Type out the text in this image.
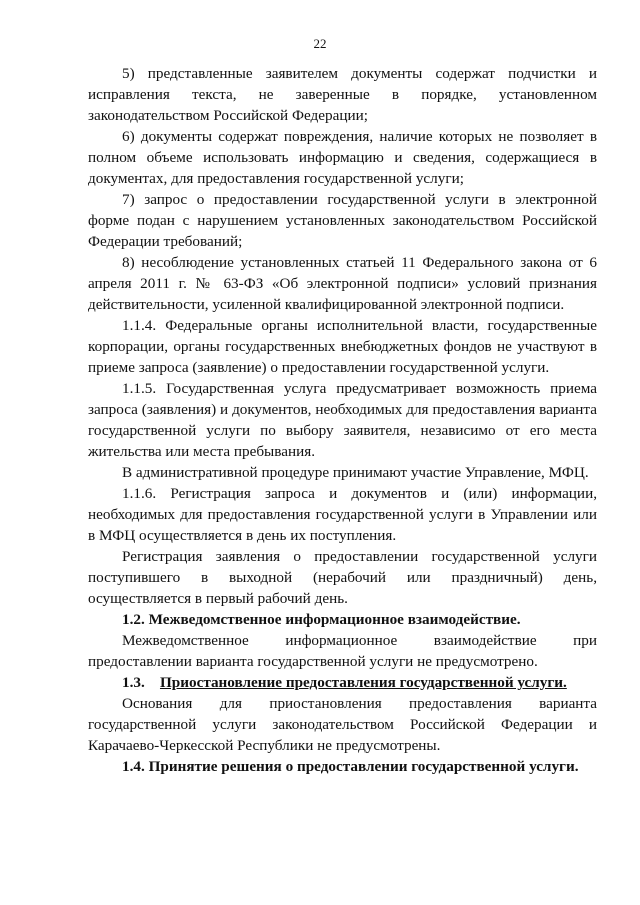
22

5) представленные заявителем документы содержат подчистки и исправления текста, не заверенные в порядке, установленном законодательством Российской Федерации;

6) документы содержат повреждения, наличие которых не позволяет в полном объеме использовать информацию и сведения, содержащиеся в документах, для предоставления государственной услуги;

7) запрос о предоставлении государственной услуги в электронной форме подан с нарушением установленных законодательством Российской Федерации требований;

8) несоблюдение установленных статьей 11 Федерального закона от 6 апреля 2011 г. № 63-ФЗ «Об электронной подписи» условий признания действительности, усиленной квалифицированной электронной подписи.

1.1.4. Федеральные органы исполнительной власти, государственные корпорации, органы государственных внебюджетных фондов не участвуют в приеме запроса (заявление) о предоставлении государственной услуги.

1.1.5. Государственная услуга предусматривает возможность приема запроса (заявления) и документов, необходимых для предоставления варианта государственной услуги по выбору заявителя, независимо от его места жительства или места пребывания.

В административной процедуре принимают участие Управление, МФЦ.

1.1.6. Регистрация запроса и документов и (или) информации, необходимых для предоставления государственной услуги в Управлении или в МФЦ осуществляется в день их поступления.

Регистрация заявления о предоставлении государственной услуги поступившего в выходной (нерабочий или праздничный) день, осуществляется в первый рабочий день.

1.2. Межведомственное информационное взаимодействие.

Межведомственное информационное взаимодействие при предоставлении варианта государственной услуги не предусмотрено.

1.3. Приостановление предоставления государственной услуги.

Основания для приостановления предоставления варианта государственной услуги законодательством Российской Федерации и Карачаево-Черкесской Республики не предусмотрены.

1.4. Принятие решения о предоставлении государственной услуги.
